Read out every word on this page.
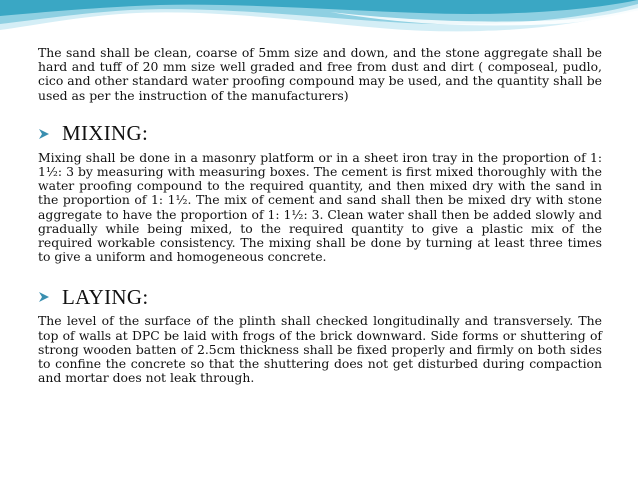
The sand shall be clean, coarse of 5mm size and down, and the stone aggregate shall be hard and tuff of 20 mm size well graded and free from dust and dirt ( composeal, pudlo, cico and other standard water proofing compound may be used, and the quantity shall be used as per the instruction of the manufacturers)

MIXING:

Mixing shall be done in a masonry platform or in a sheet iron tray in the proportion of 1: 1½: 3 by measuring with measuring boxes. The cement is first mixed thoroughly with the water proofing compound to the required quantity, and then mixed dry with the sand in the proportion of 1: 1½. The mix of cement and sand shall then be mixed dry with stone aggregate to have the proportion of 1: 1½: 3. Clean water shall then be added slowly and gradually while being mixed, to the required quantity to give a plastic mix of the required workable consistency. The mixing shall be done by turning at least three times to give a uniform and homogeneous concrete.

LAYING:

The level of the surface of the plinth shall checked longitudinally and transversely. The top of walls at DPC be laid with frogs of the brick downward. Side forms or shuttering of strong wooden batten of 2.5cm thickness shall be fixed properly and firmly on both sides to confine the concrete so that the shuttering does not get disturbed during compaction and mortar does not leak through.
